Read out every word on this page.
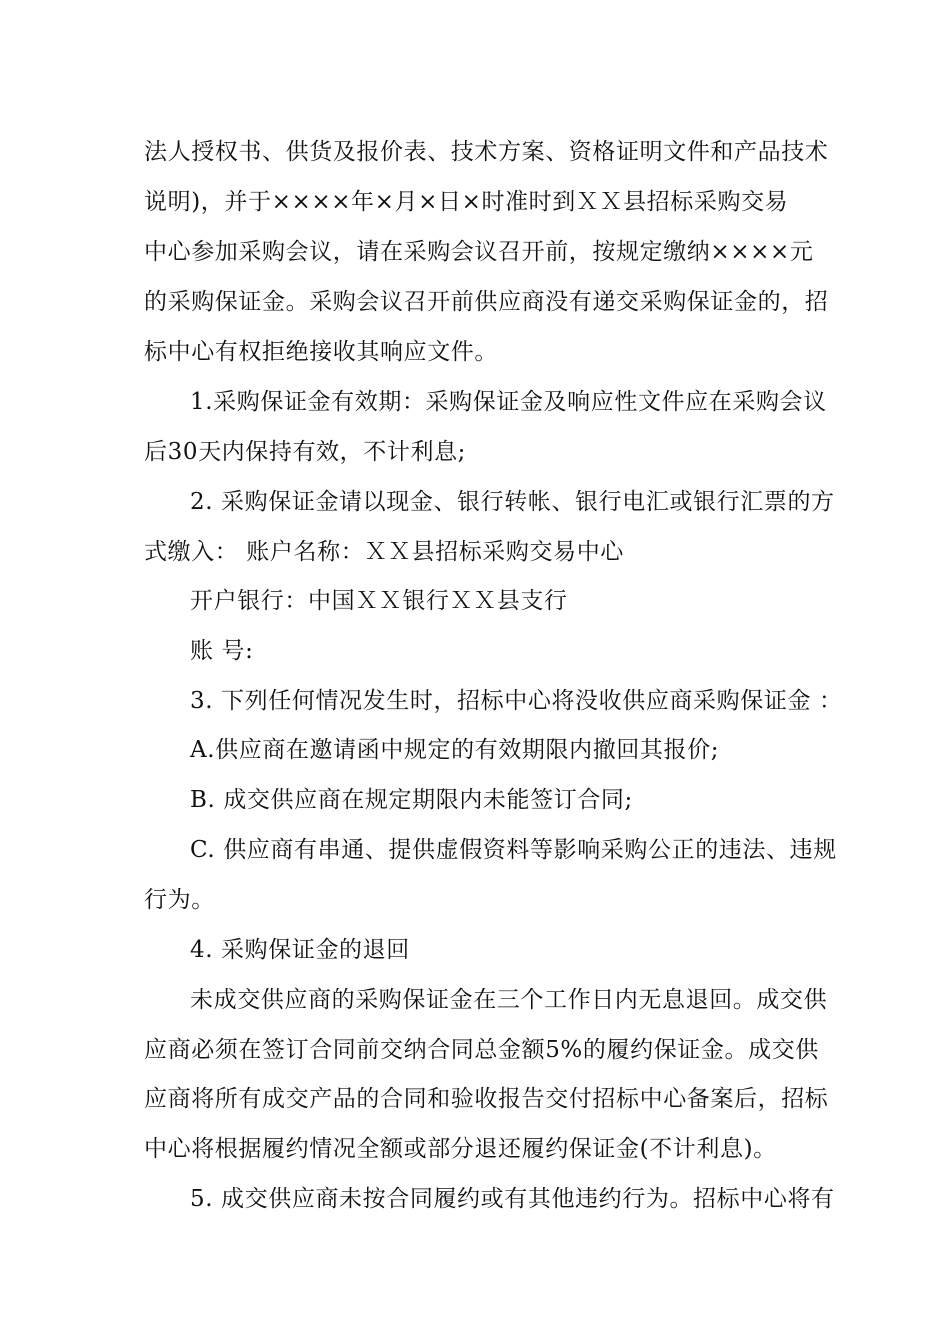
法人授权书、供货及报价表、技术方案、资格证明文件和产品技术
说明)，并于××××年×月×日×时准时到ＸＸ县招标采购交易
中心参加采购会议，请在采购会议召开前，按规定缴纳××××元
的采购保证金。采购会议召开前供应商没有递交采购保证金的，招
标中心有权拒绝接收其响应文件。
1.采购保证金有效期：采购保证金及响应性文件应在采购会议
后30天内保持有效，不计利息;
2. 采购保证金请以现金、银行转帐、银行电汇或银行汇票的方
式缴入： 账户名称：ＸＸ县招标采购交易中心
开户银行：中国ＸＸ银行ＸＸ县支行
账 号:
3. 下列任何情况发生时，招标中心将没收供应商采购保证金 ：
A.供应商在邀请函中规定的有效期限内撤回其报价;
B. 成交供应商在规定期限内未能签订合同;
C. 供应商有串通、提供虚假资料等影响采购公正的违法、违规
行为。
4. 采购保证金的退回
未成交供应商的采购保证金在三个工作日内无息退回。成交供
应商必须在签订合同前交纳合同总金额5%的履约保证金。成交供
应商将所有成交产品的合同和验收报告交付招标中心备案后，招标
中心将根据履约情况全额或部分退还履约保证金(不计利息)。
5. 成交供应商未按合同履约或有其他违约行为。招标中心将有
